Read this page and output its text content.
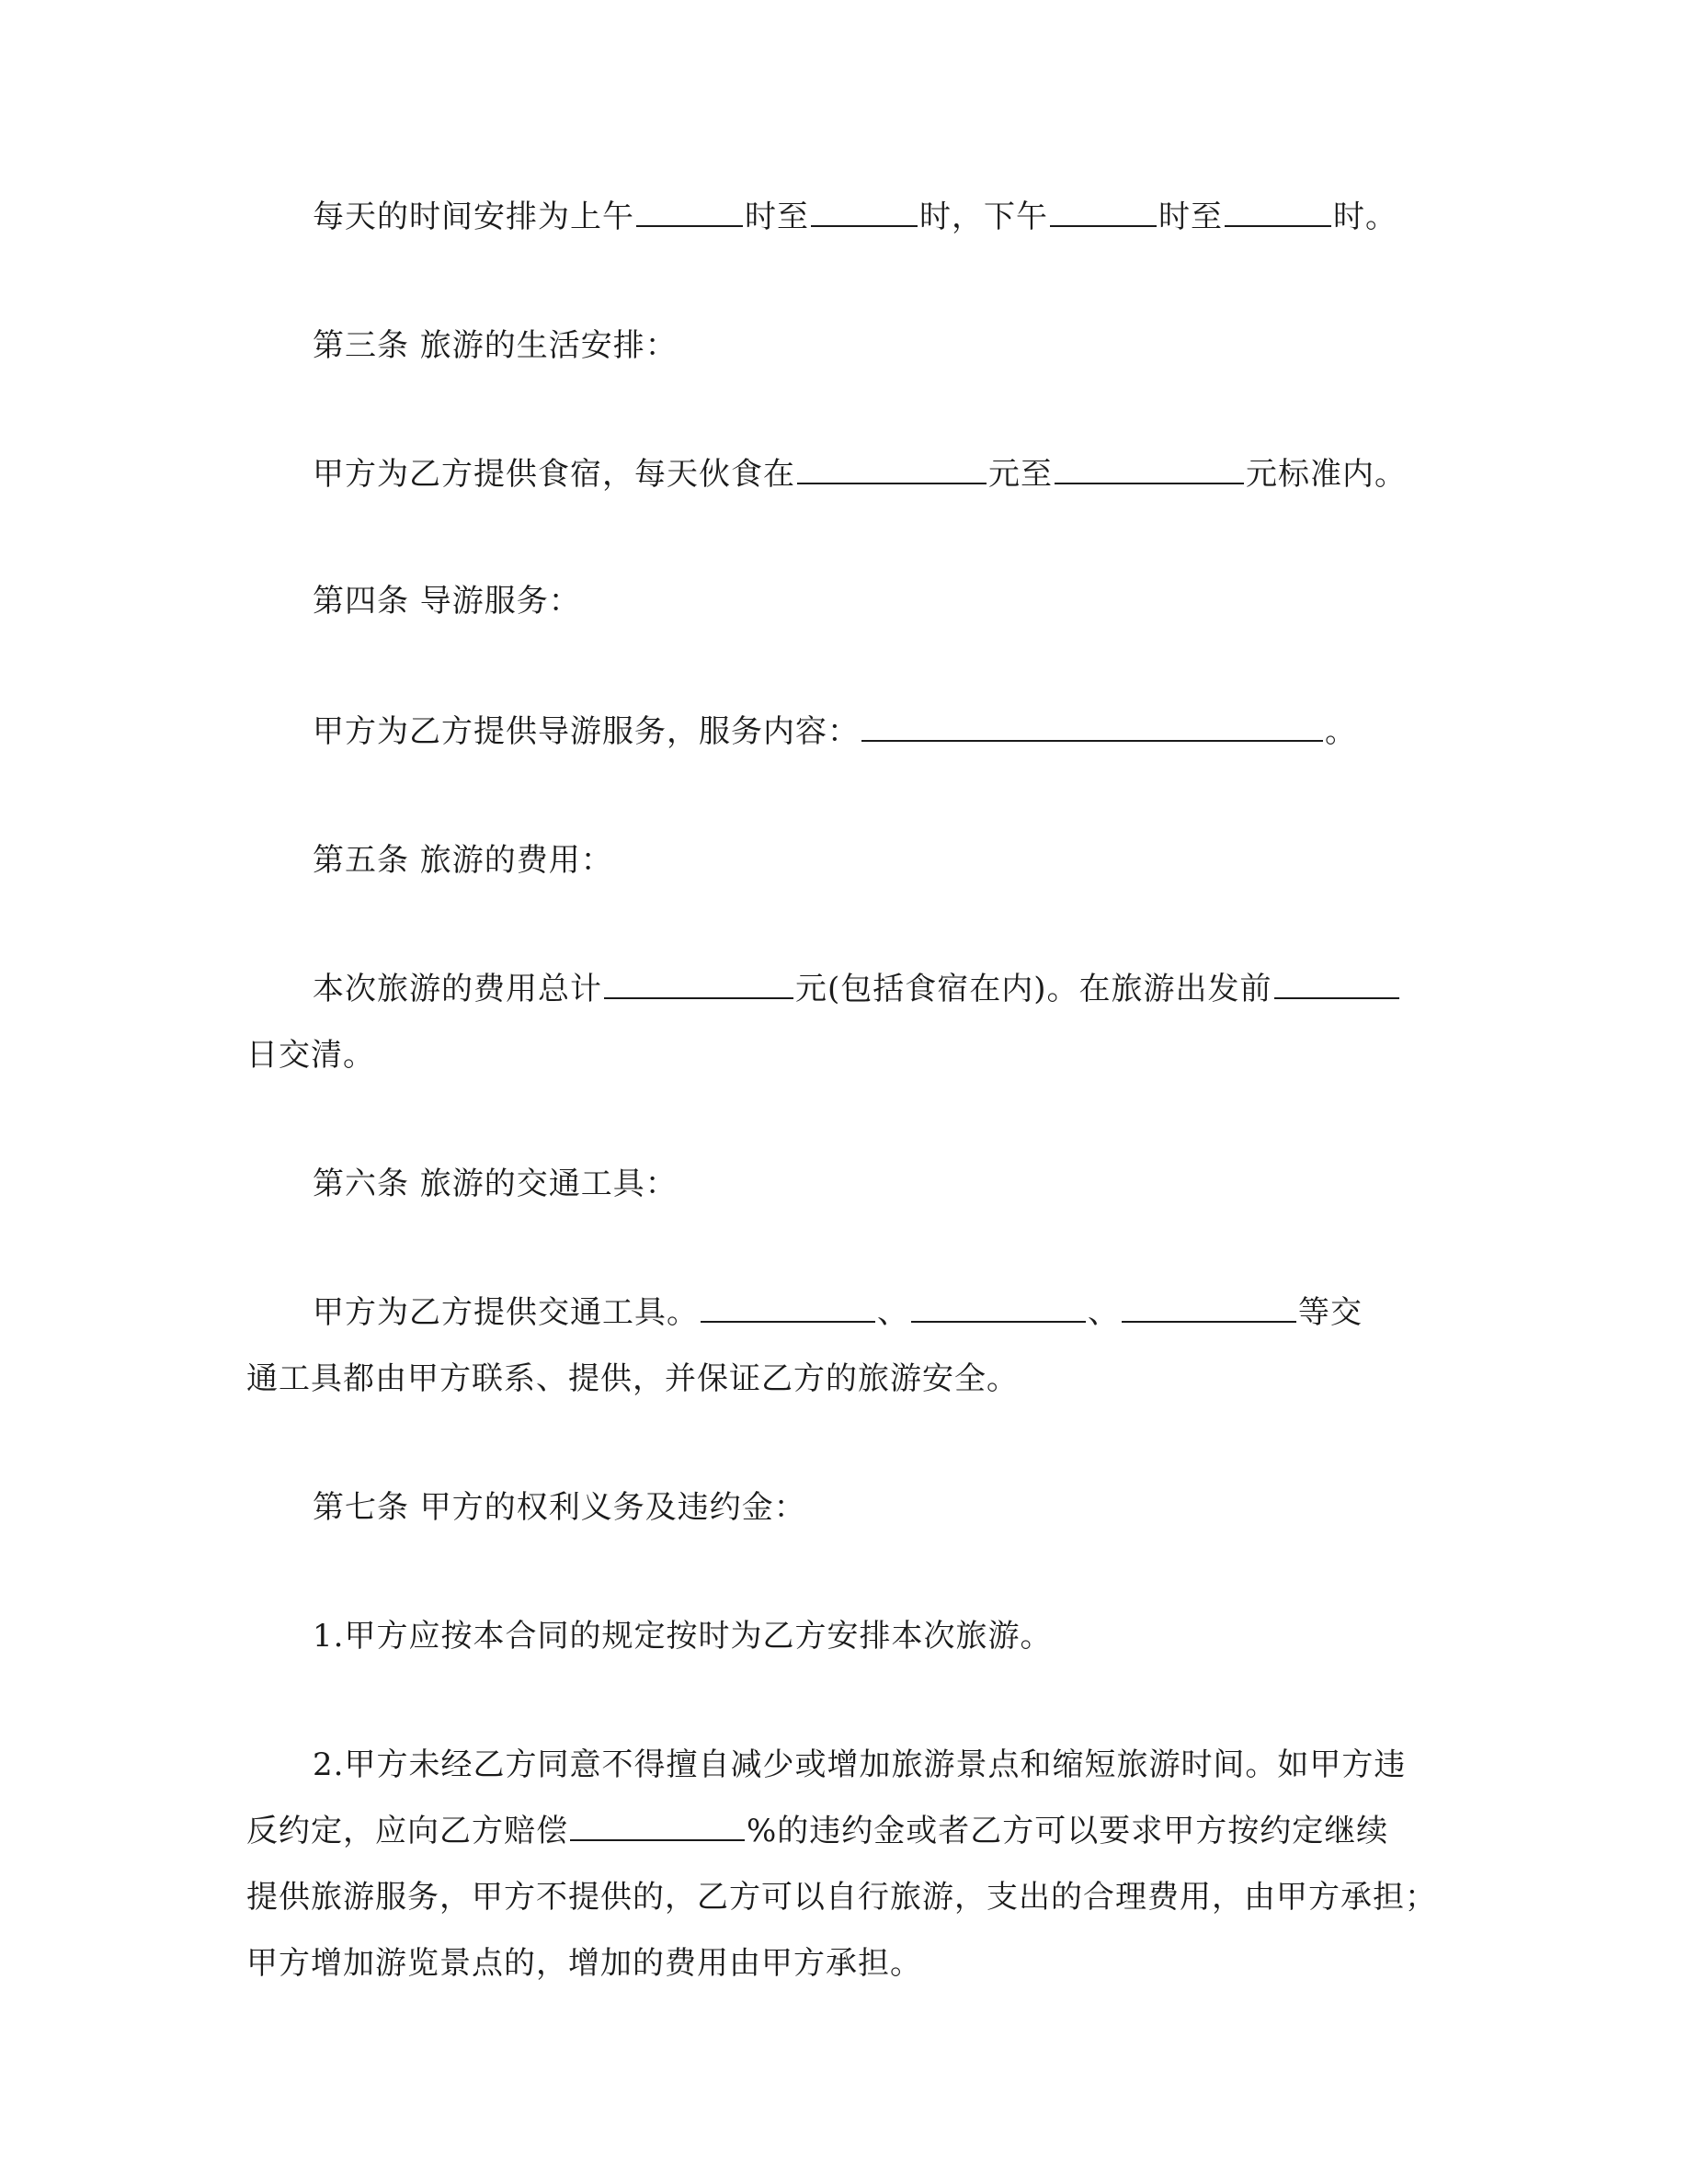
每天的时间安排为上午	时至	时，下午	时至	时。
第三条 旅游的生活安排：
甲方为乙方提供食宿，每天伙食在	元至	元标准内。
第四条 导游服务：
甲方为乙方提供导游服务，服务内容：	。
第五条 旅游的费用：
本次旅游的费用总计	元(包括食宿在内)。在旅游出发前
日交清。
第六条 旅游的交通工具：
甲方为乙方提供交通工具。	、	、	等交
通工具都由甲方联系、提供，并保证乙方的旅游安全。
第七条 甲方的权利义务及违约金：
1.甲方应按本合同的规定按时为乙方安排本次旅游。
2.甲方未经乙方同意不得擅自减少或增加旅游景点和缩短旅游时间。如甲方违
反约定，应向乙方赔偿	%的违约金或者乙方可以要求甲方按约定继续
提供旅游服务，甲方不提供的，乙方可以自行旅游，支出的合理费用，由甲方承担；
甲方增加游览景点的，增加的费用由甲方承担。
